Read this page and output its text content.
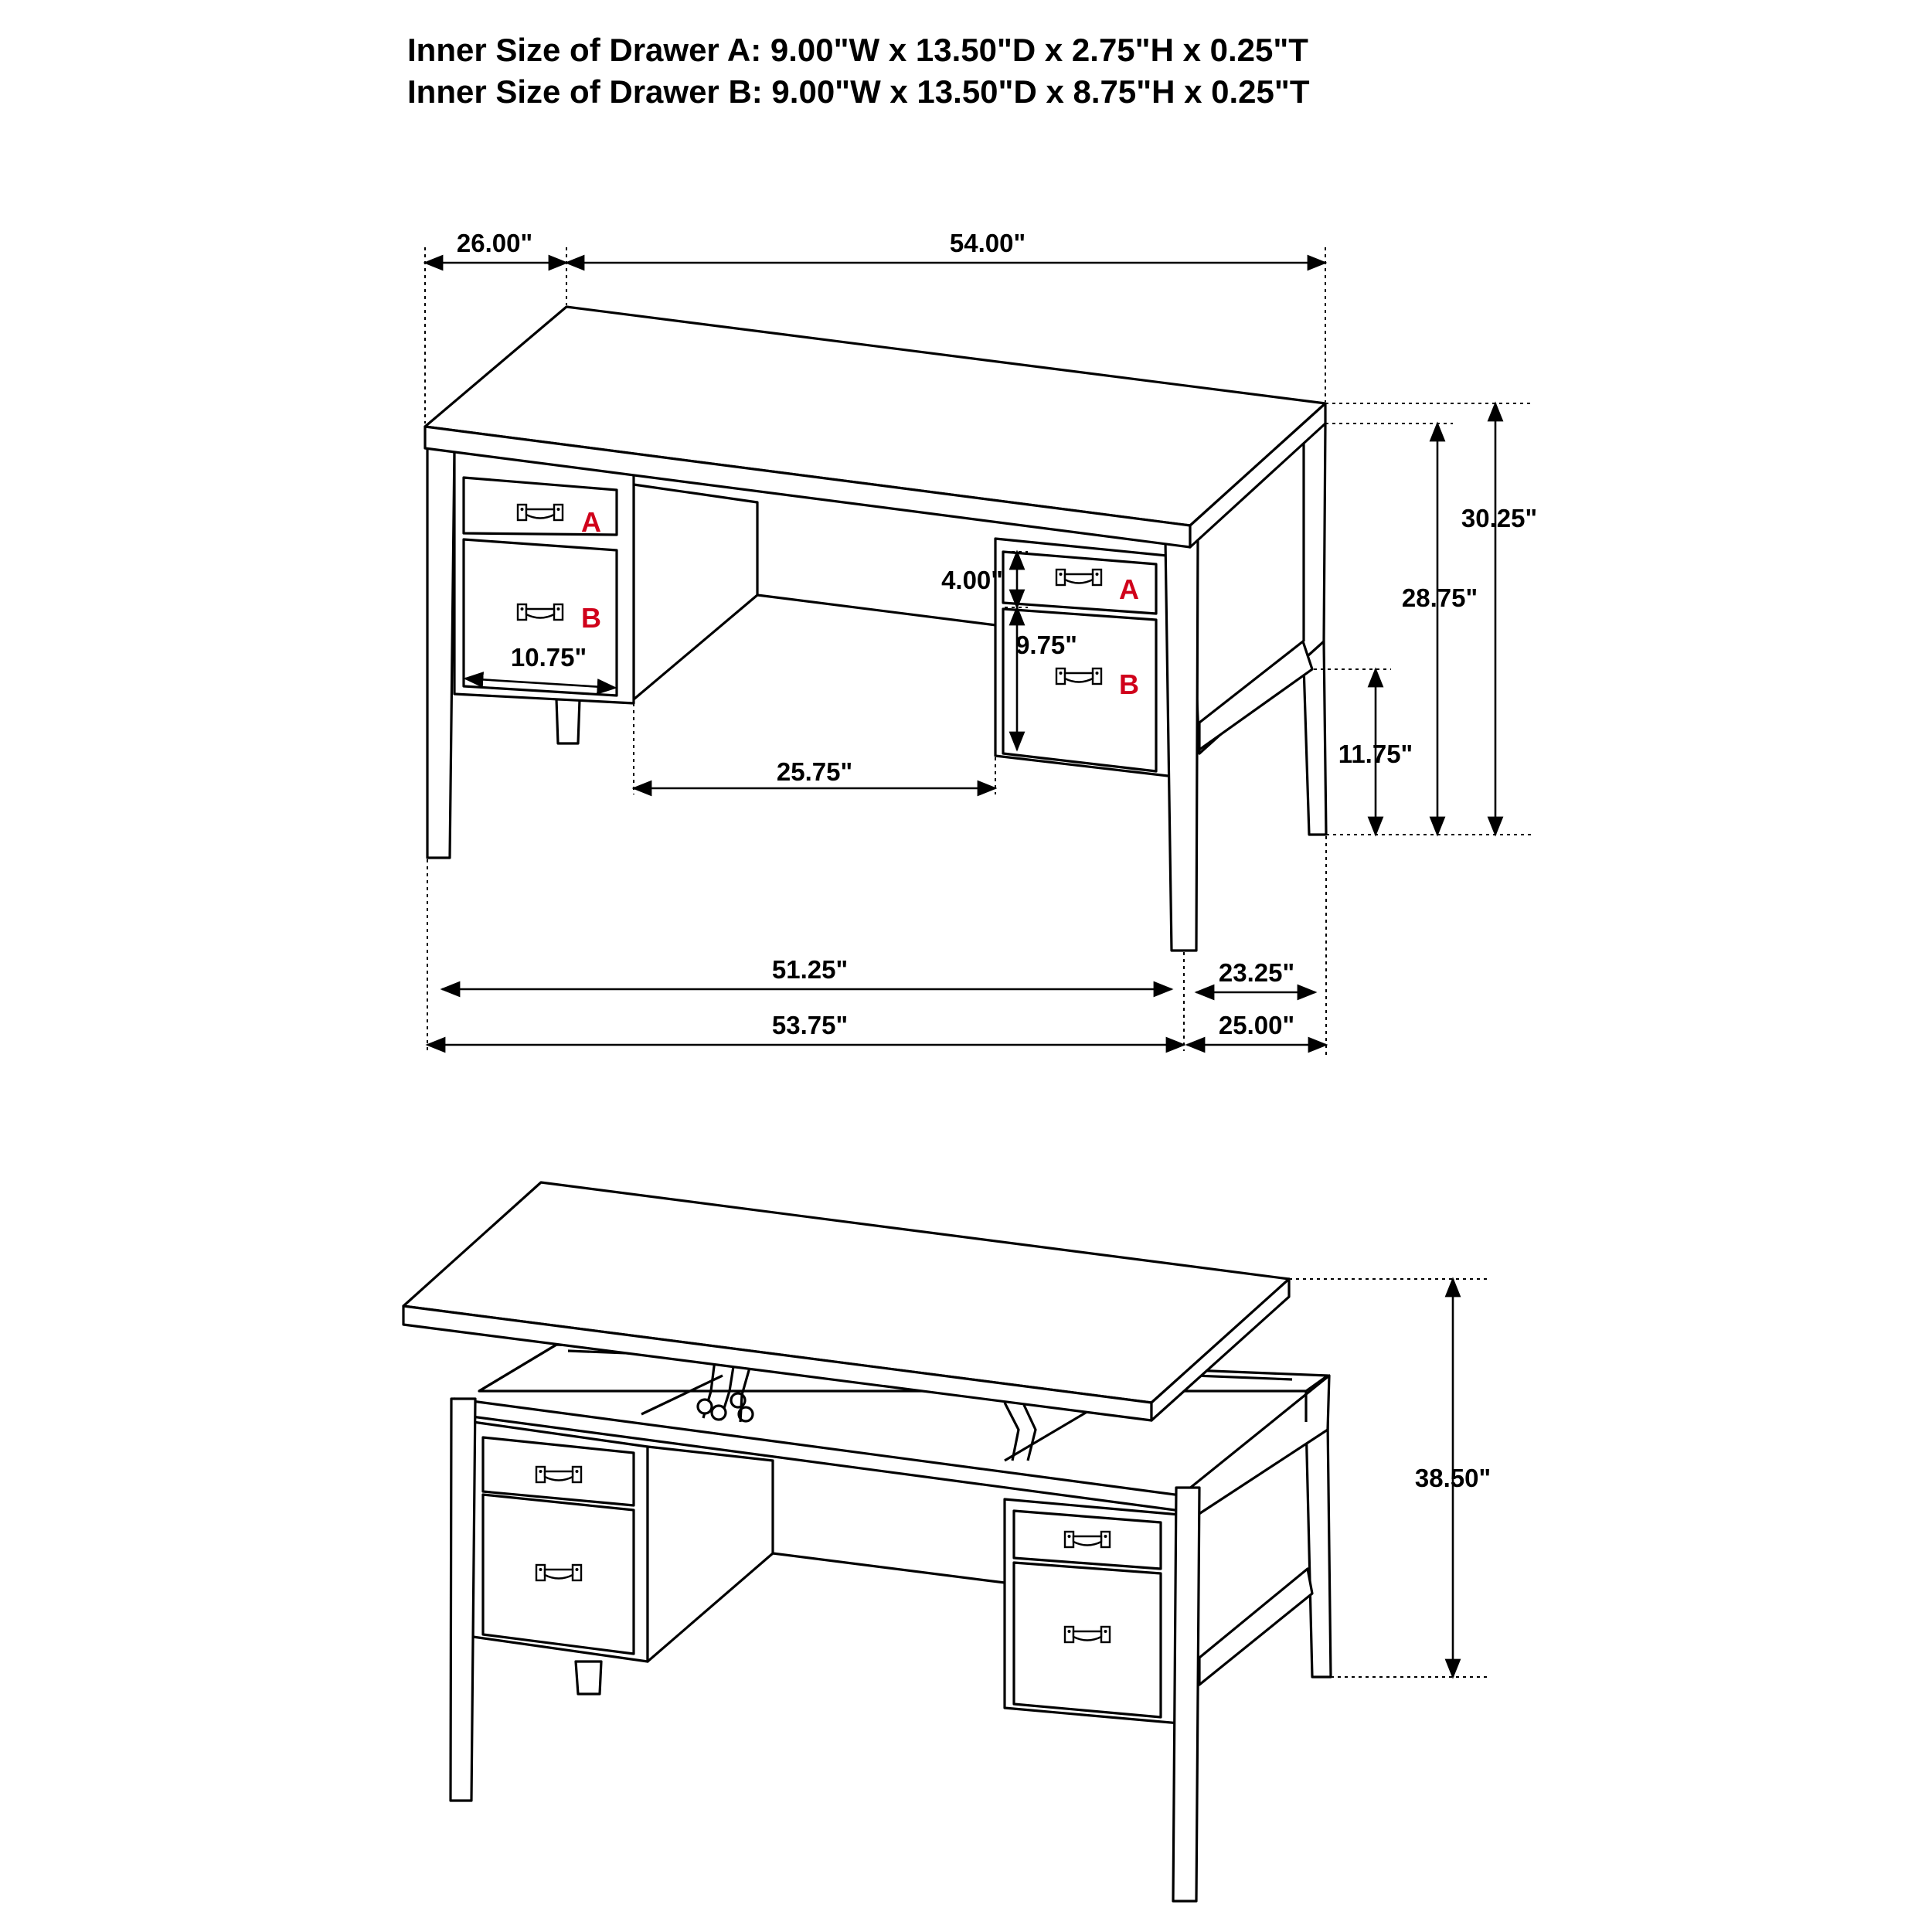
Inner Size of Drawer A: 9.00"W x 13.50"D x 2.75"H x 0.25"T
Inner Size of Drawer B: 9.00"W x 13.50"D x 8.75"H x 0.25"T
A
B
A
B
26.00"	54.00"
30.25"
28.75"
11.75"
4.00"
9.75"
10.75"
25.75"
51.25"
53.75"
23.25"
25.00"
38.50"
